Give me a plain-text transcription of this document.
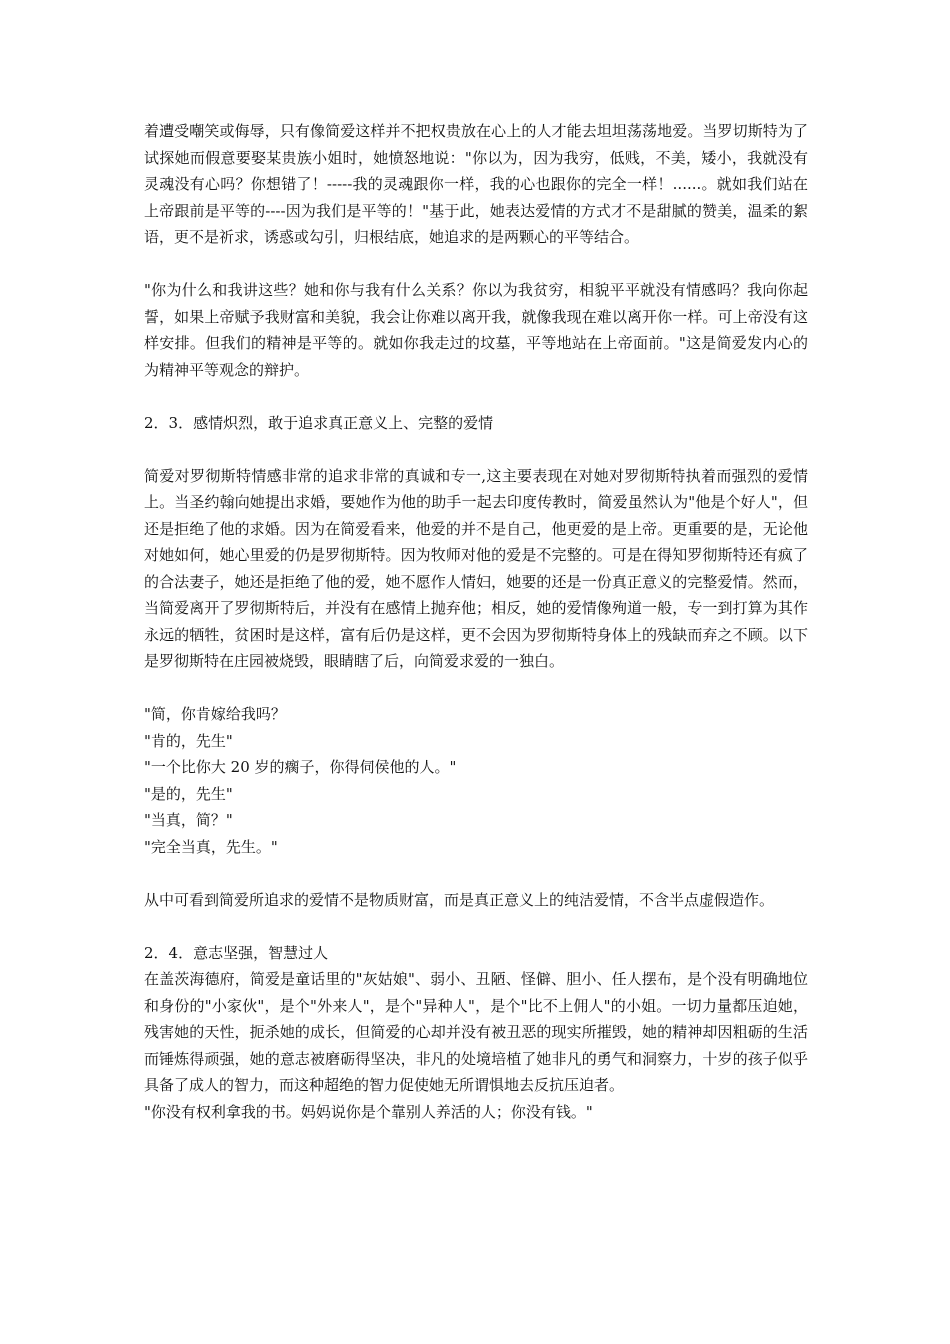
着遭受嘲笑或侮辱，只有像简爱这样并不把权贵放在心上的人才能去坦坦荡荡地爱。当罗切斯特为了试探她而假意要娶某贵族小姐时，她愤怒地说："你以为，因为我穷，低贱，不美，矮小，我就没有灵魂没有心吗？你想错了！-----我的灵魂跟你一样，我的心也跟你的完全一样！......。就如我们站在上帝跟前是平等的----因为我们是平等的！"基于此，她表达爱情的方式才不是甜腻的赞美，温柔的絮语，更不是祈求，诱惑或勾引，归根结底，她追求的是两颗心的平等结合。

"你为什么和我讲这些？她和你与我有什么关系？你以为我贫穷，相貌平平就没有情感吗？我向你起誓，如果上帝赋予我财富和美貌，我会让你难以离开我，就像我现在难以离开你一样。可上帝没有这样安排。但我们的精神是平等的。就如你我走过的坟墓，平等地站在上帝面前。"这是简爱发内心的为精神平等观念的辩护。

2．3．感情炽烈，敢于追求真正意义上、完整的爱情

简爱对罗彻斯特情感非常的追求非常的真诚和专一,这主要表现在对她对罗彻斯特执着而强烈的爱情上。当圣约翰向她提出求婚，要她作为他的助手一起去印度传教时，简爱虽然认为"他是个好人"，但还是拒绝了他的求婚。因为在简爱看来，他爱的并不是自己，他更爱的是上帝。更重要的是，无论他对她如何，她心里爱的仍是罗彻斯特。因为牧师对他的爱是不完整的。可是在得知罗彻斯特还有疯了的合法妻子，她还是拒绝了他的爱，她不愿作人情妇，她要的还是一份真正意义的完整爱情。然而，当简爱离开了罗彻斯特后，并没有在感情上抛弃他；相反，她的爱情像殉道一般，专一到打算为其作永远的牺牲，贫困时是这样，富有后仍是这样，更不会因为罗彻斯特身体上的残缺而弃之不顾。以下是罗彻斯特在庄园被烧毁，眼睛瞎了后，向简爱求爱的一独白。

"简，你肯嫁给我吗？

"肯的，先生"

"一个比你大 20 岁的瘸子，你得伺侯他的人。"

"是的，先生"

"当真，简？"

"完全当真，先生。"

从中可看到简爱所追求的爱情不是物质财富，而是真正意义上的纯洁爱情，不含半点虚假造作。

2．4．意志坚强，智慧过人

在盖茨海德府，简爱是童话里的"灰姑娘"、弱小、丑陋、怪僻、胆小、任人摆布，是个没有明确地位和身份的"小家伙"，是个"外来人"，是个"异种人"，是个"比不上佣人"的小姐。一切力量都压迫她，残害她的天性，扼杀她的成长，但简爱的心却并没有被丑恶的现实所摧毁，她的精神却因粗砺的生活而锤炼得顽强，她的意志被磨砺得坚决，非凡的处境培植了她非凡的勇气和洞察力，十岁的孩子似乎具备了成人的智力，而这种超绝的智力促使她无所谓惧地去反抗压迫者。

"你没有权利拿我的书。妈妈说你是个靠别人养活的人；你没有钱。"
